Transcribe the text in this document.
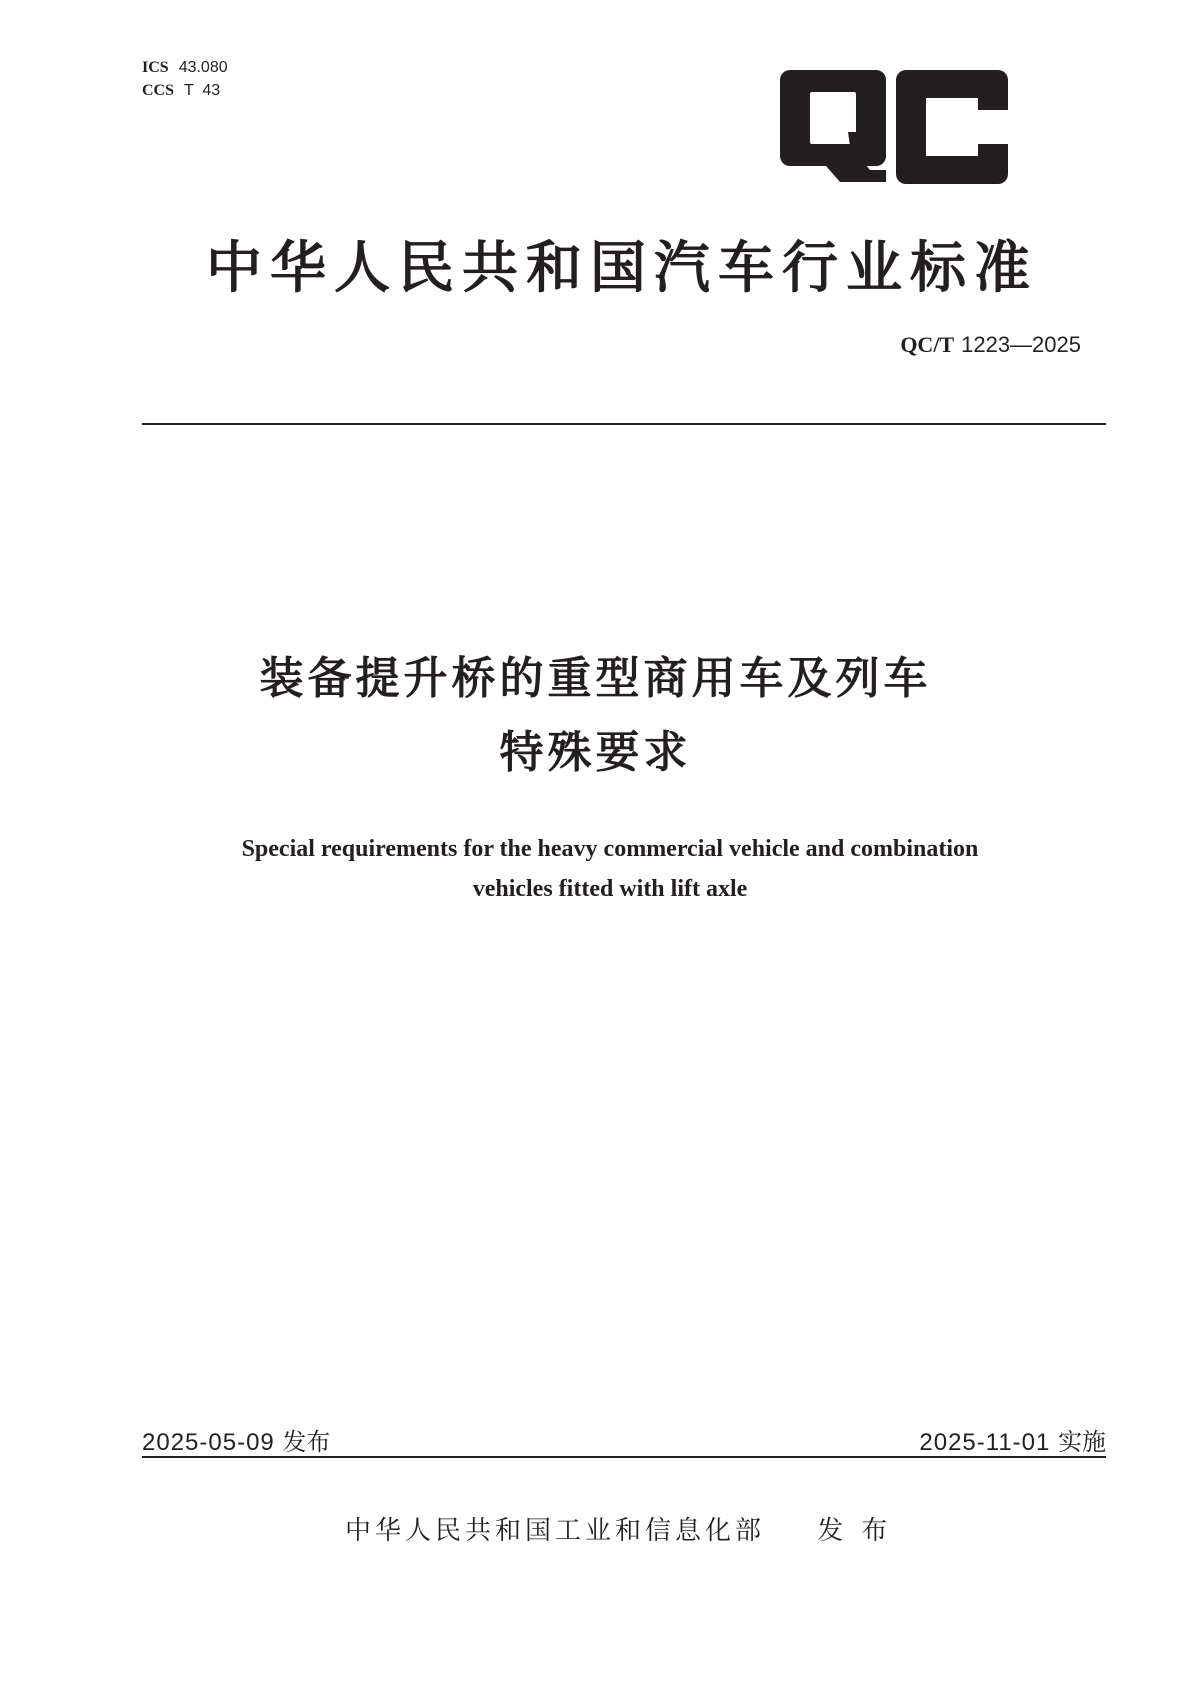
ICS 43.080
CCS T  43
中华人民共和国汽车行业标准
QC/T 1223—2025
装备提升桥的重型商用车及列车
特殊要求
Special requirements for the heavy commercial vehicle and combination
vehicles fitted with lift axle
2025-05-09 发布	2025-11-01 实施
中华人民共和国工业和信息化部 发布
